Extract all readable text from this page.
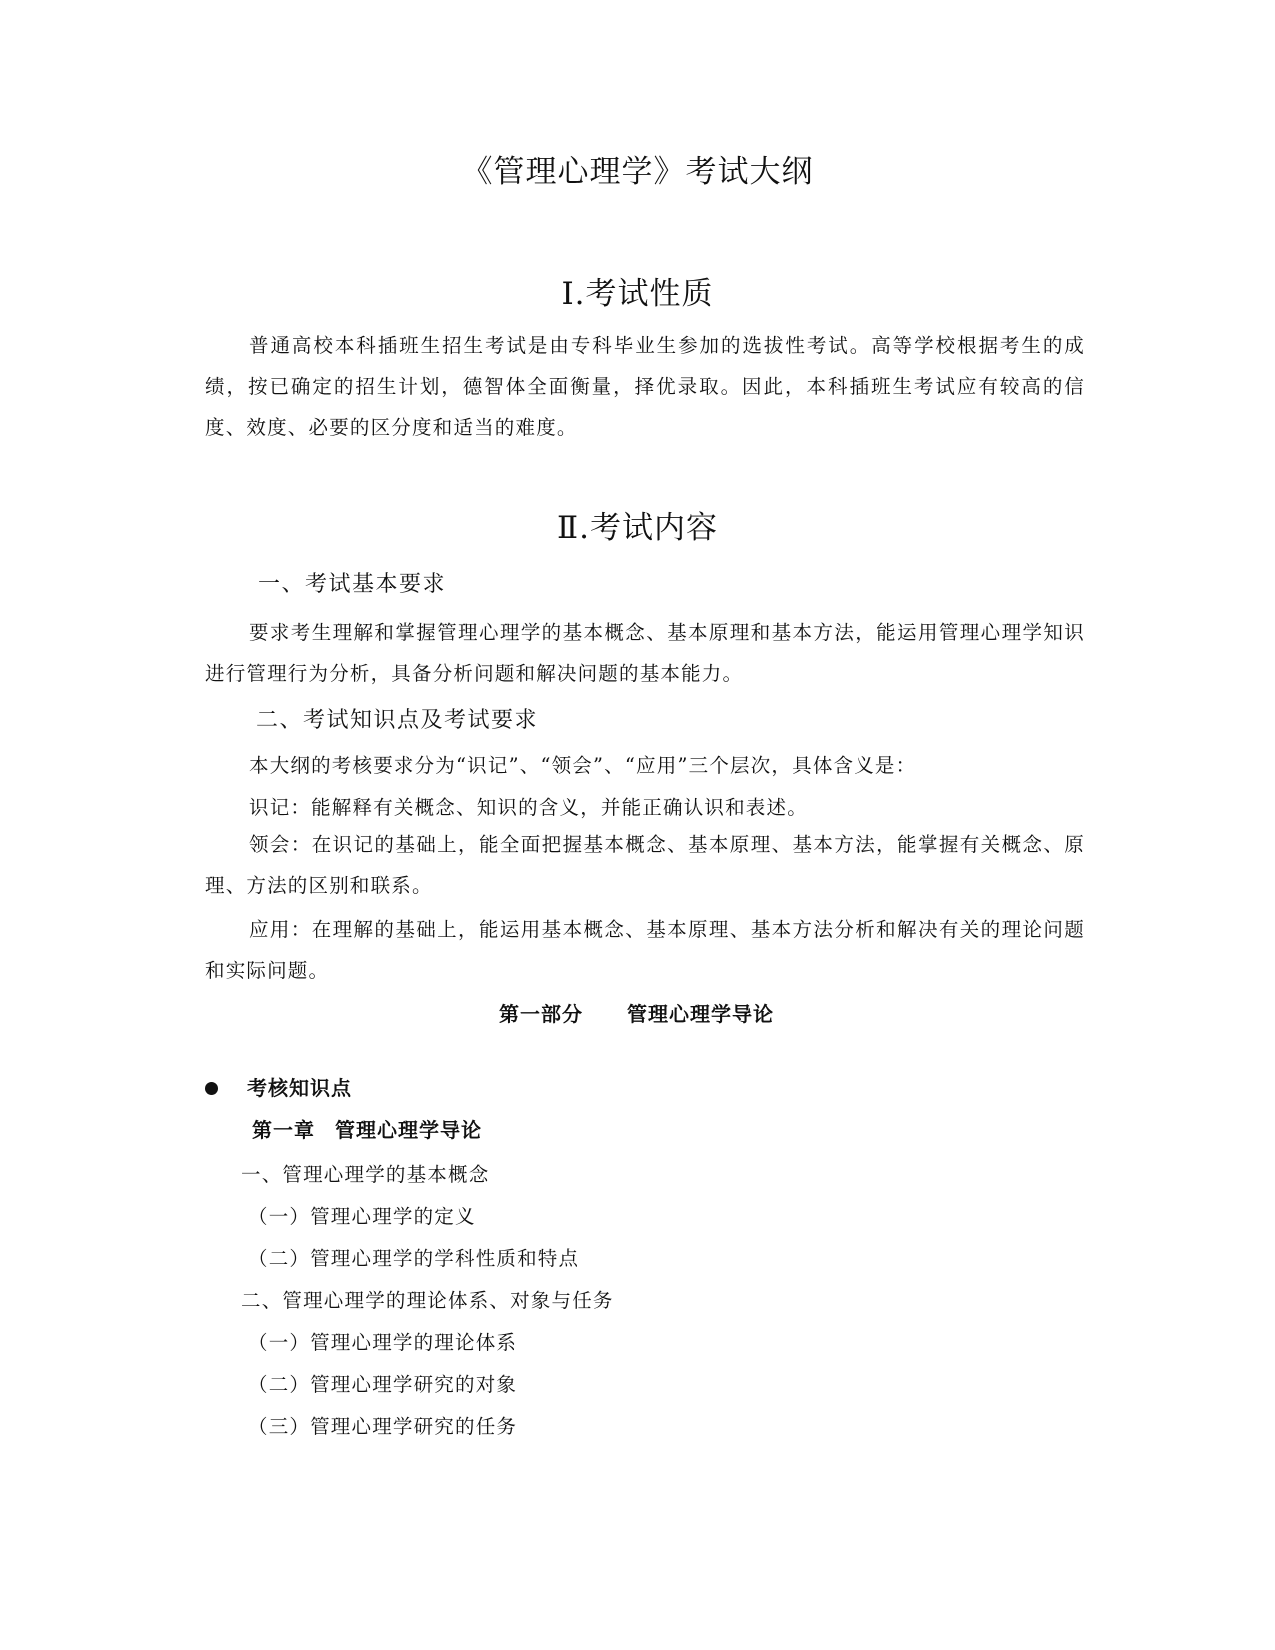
《管理心理学》考试大纲
Ⅰ.考试性质
普通高校本科插班生招生考试是由专科毕业生参加的选拔性考试。高等学校根据考生的成绩，按已确定的招生计划，德智体全面衡量，择优录取。因此，本科插班生考试应有较高的信度、效度、必要的区分度和适当的难度。
Ⅱ.考试内容
一、考试基本要求
要求考生理解和掌握管理心理学的基本概念、基本原理和基本方法，能运用管理心理学知识进行管理行为分析，具备分析问题和解决问题的基本能力。
二、考试知识点及考试要求
本大纲的考核要求分为“识记”、“领会”、“应用”三个层次，具体含义是：
识记：能解释有关概念、知识的含义，并能正确认识和表述。
领会：在识记的基础上，能全面把握基本概念、基本原理、基本方法，能掌握有关概念、原理、方法的区别和联系。
应用：在理解的基础上，能运用基本概念、基本原理、基本方法分析和解决有关的理论问题和实际问题。
第一部分 管理心理学导论
考核知识点
第一章 管理心理学导论
一、管理心理学的基本概念
（一）管理心理学的定义
（二）管理心理学的学科性质和特点
二、管理心理学的理论体系、对象与任务
（一）管理心理学的理论体系
（二）管理心理学研究的对象
（三）管理心理学研究的任务
